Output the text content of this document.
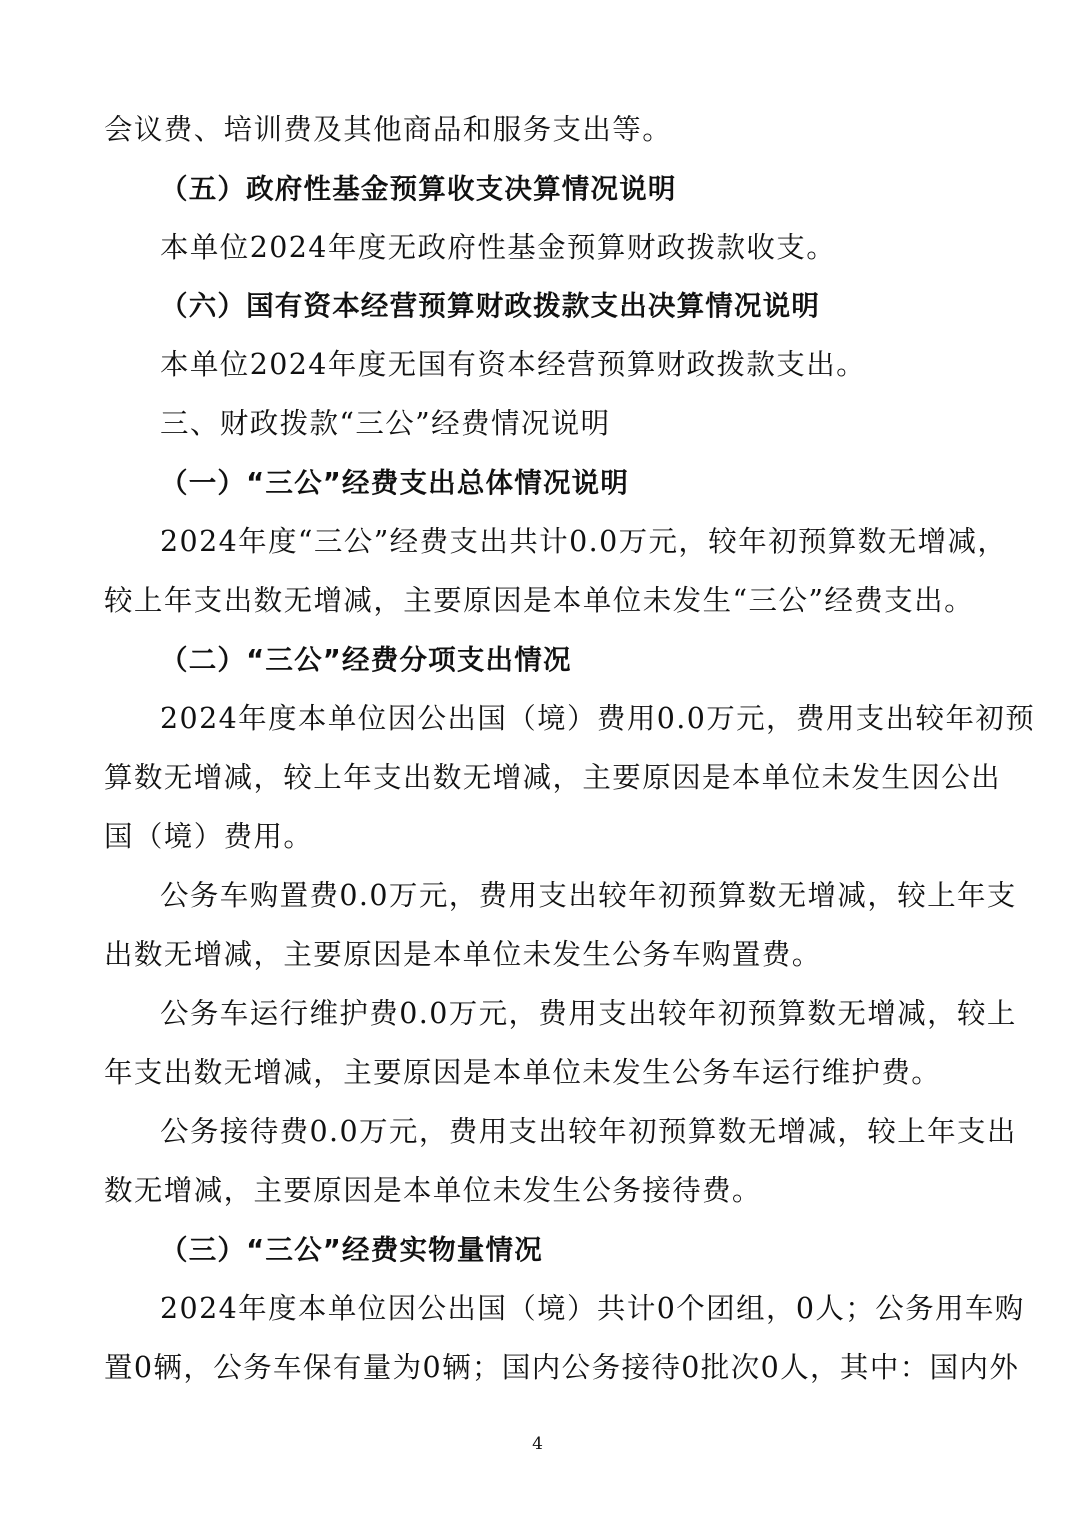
会议费、培训费及其他商品和服务支出等。

（五）政府性基金预算收支决算情况说明

本单位2024年度无政府性基金预算财政拨款收支。

（六）国有资本经营预算财政拨款支出决算情况说明

本单位2024年度无国有资本经营预算财政拨款支出。

三、财政拨款“三公”经费情况说明

（一）“三公”经费支出总体情况说明

2024年度“三公”经费支出共计0.0万元，较年初预算数无增减，

较上年支出数无增减，主要原因是本单位未发生“三公”经费支出。

（二）“三公”经费分项支出情况

2024年度本单位因公出国（境）费用0.0万元，费用支出较年初预

算数无增减，较上年支出数无增减，主要原因是本单位未发生因公出

国（境）费用。

公务车购置费0.0万元，费用支出较年初预算数无增减，较上年支

出数无增减，主要原因是本单位未发生公务车购置费。

公务车运行维护费0.0万元，费用支出较年初预算数无增减，较上

年支出数无增减，主要原因是本单位未发生公务车运行维护费。

公务接待费0.0万元，费用支出较年初预算数无增减，较上年支出

数无增减，主要原因是本单位未发生公务接待费。

（三）“三公”经费实物量情况

2024年度本单位因公出国（境）共计0个团组，0人；公务用车购

置0辆，公务车保有量为0辆；国内公务接待0批次0人，其中：国内外

4
